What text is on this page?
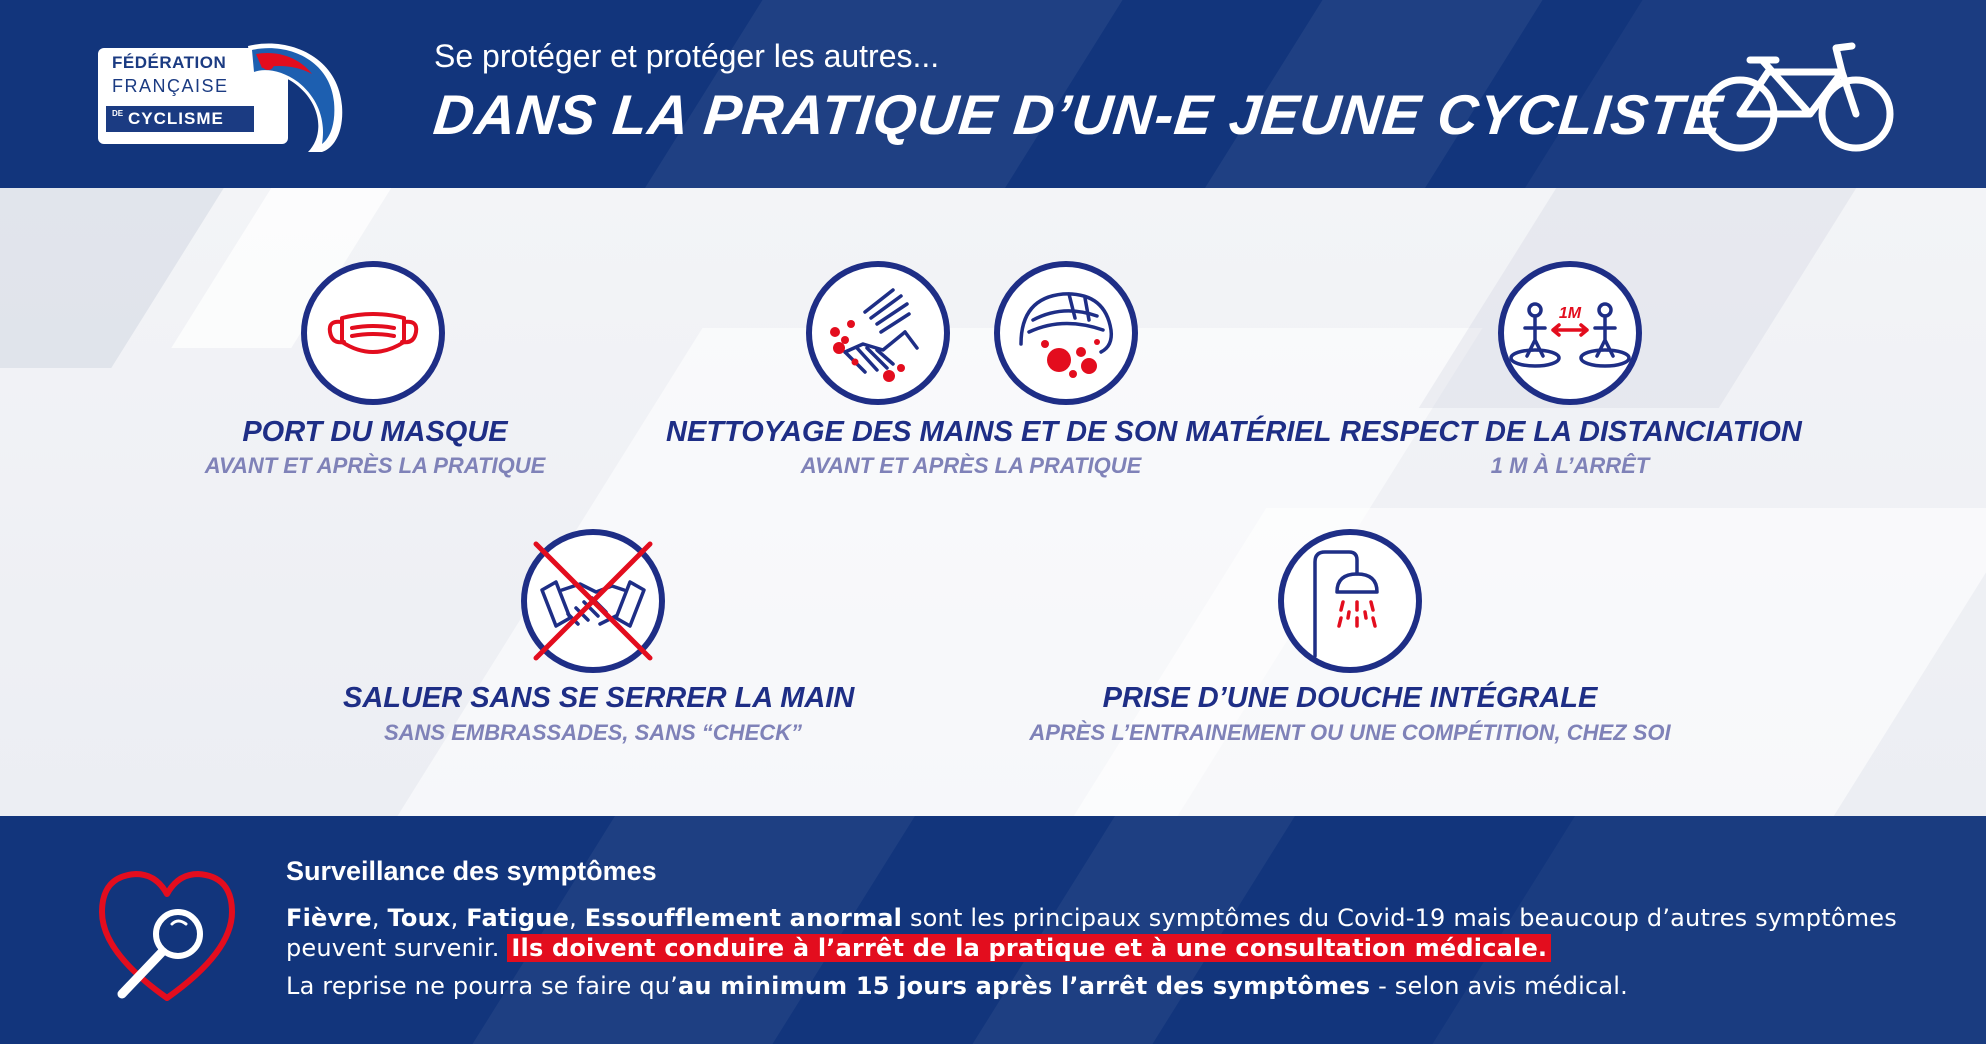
FÉDÉRATION
FRANÇAISE
DE CYCLISME
Se protéger et protéger les autres...
DANS LA PRATIQUE D’UN-E JEUNE CYCLISTE
PORT DU MASQUE
AVANT ET APRÈS LA PRATIQUE
NETTOYAGE DES MAINS ET DE SON MATÉRIEL
AVANT ET APRÈS LA PRATIQUE
1M
RESPECT DE LA DISTANCIATION
1 M À L’ARRÊT
SALUER SANS SE SERRER LA MAIN
SANS EMBRASSADES, SANS “CHECK”
PRISE D’UNE DOUCHE INTÉGRALE
APRÈS L’ENTRAINEMENT OU UNE COMPÉTITION, CHEZ SOI
Surveillance des symptômes
Fièvre, Toux, Fatigue, Essoufflement anormal sont les principaux symptômes du Covid-19 mais beaucoup d’autres symptômes
peuvent survenir. Ils doivent conduire à l’arrêt de la pratique et à une consultation médicale.
La reprise ne pourra se faire qu’au minimum 15 jours après l’arrêt des symptômes - selon avis médical.
